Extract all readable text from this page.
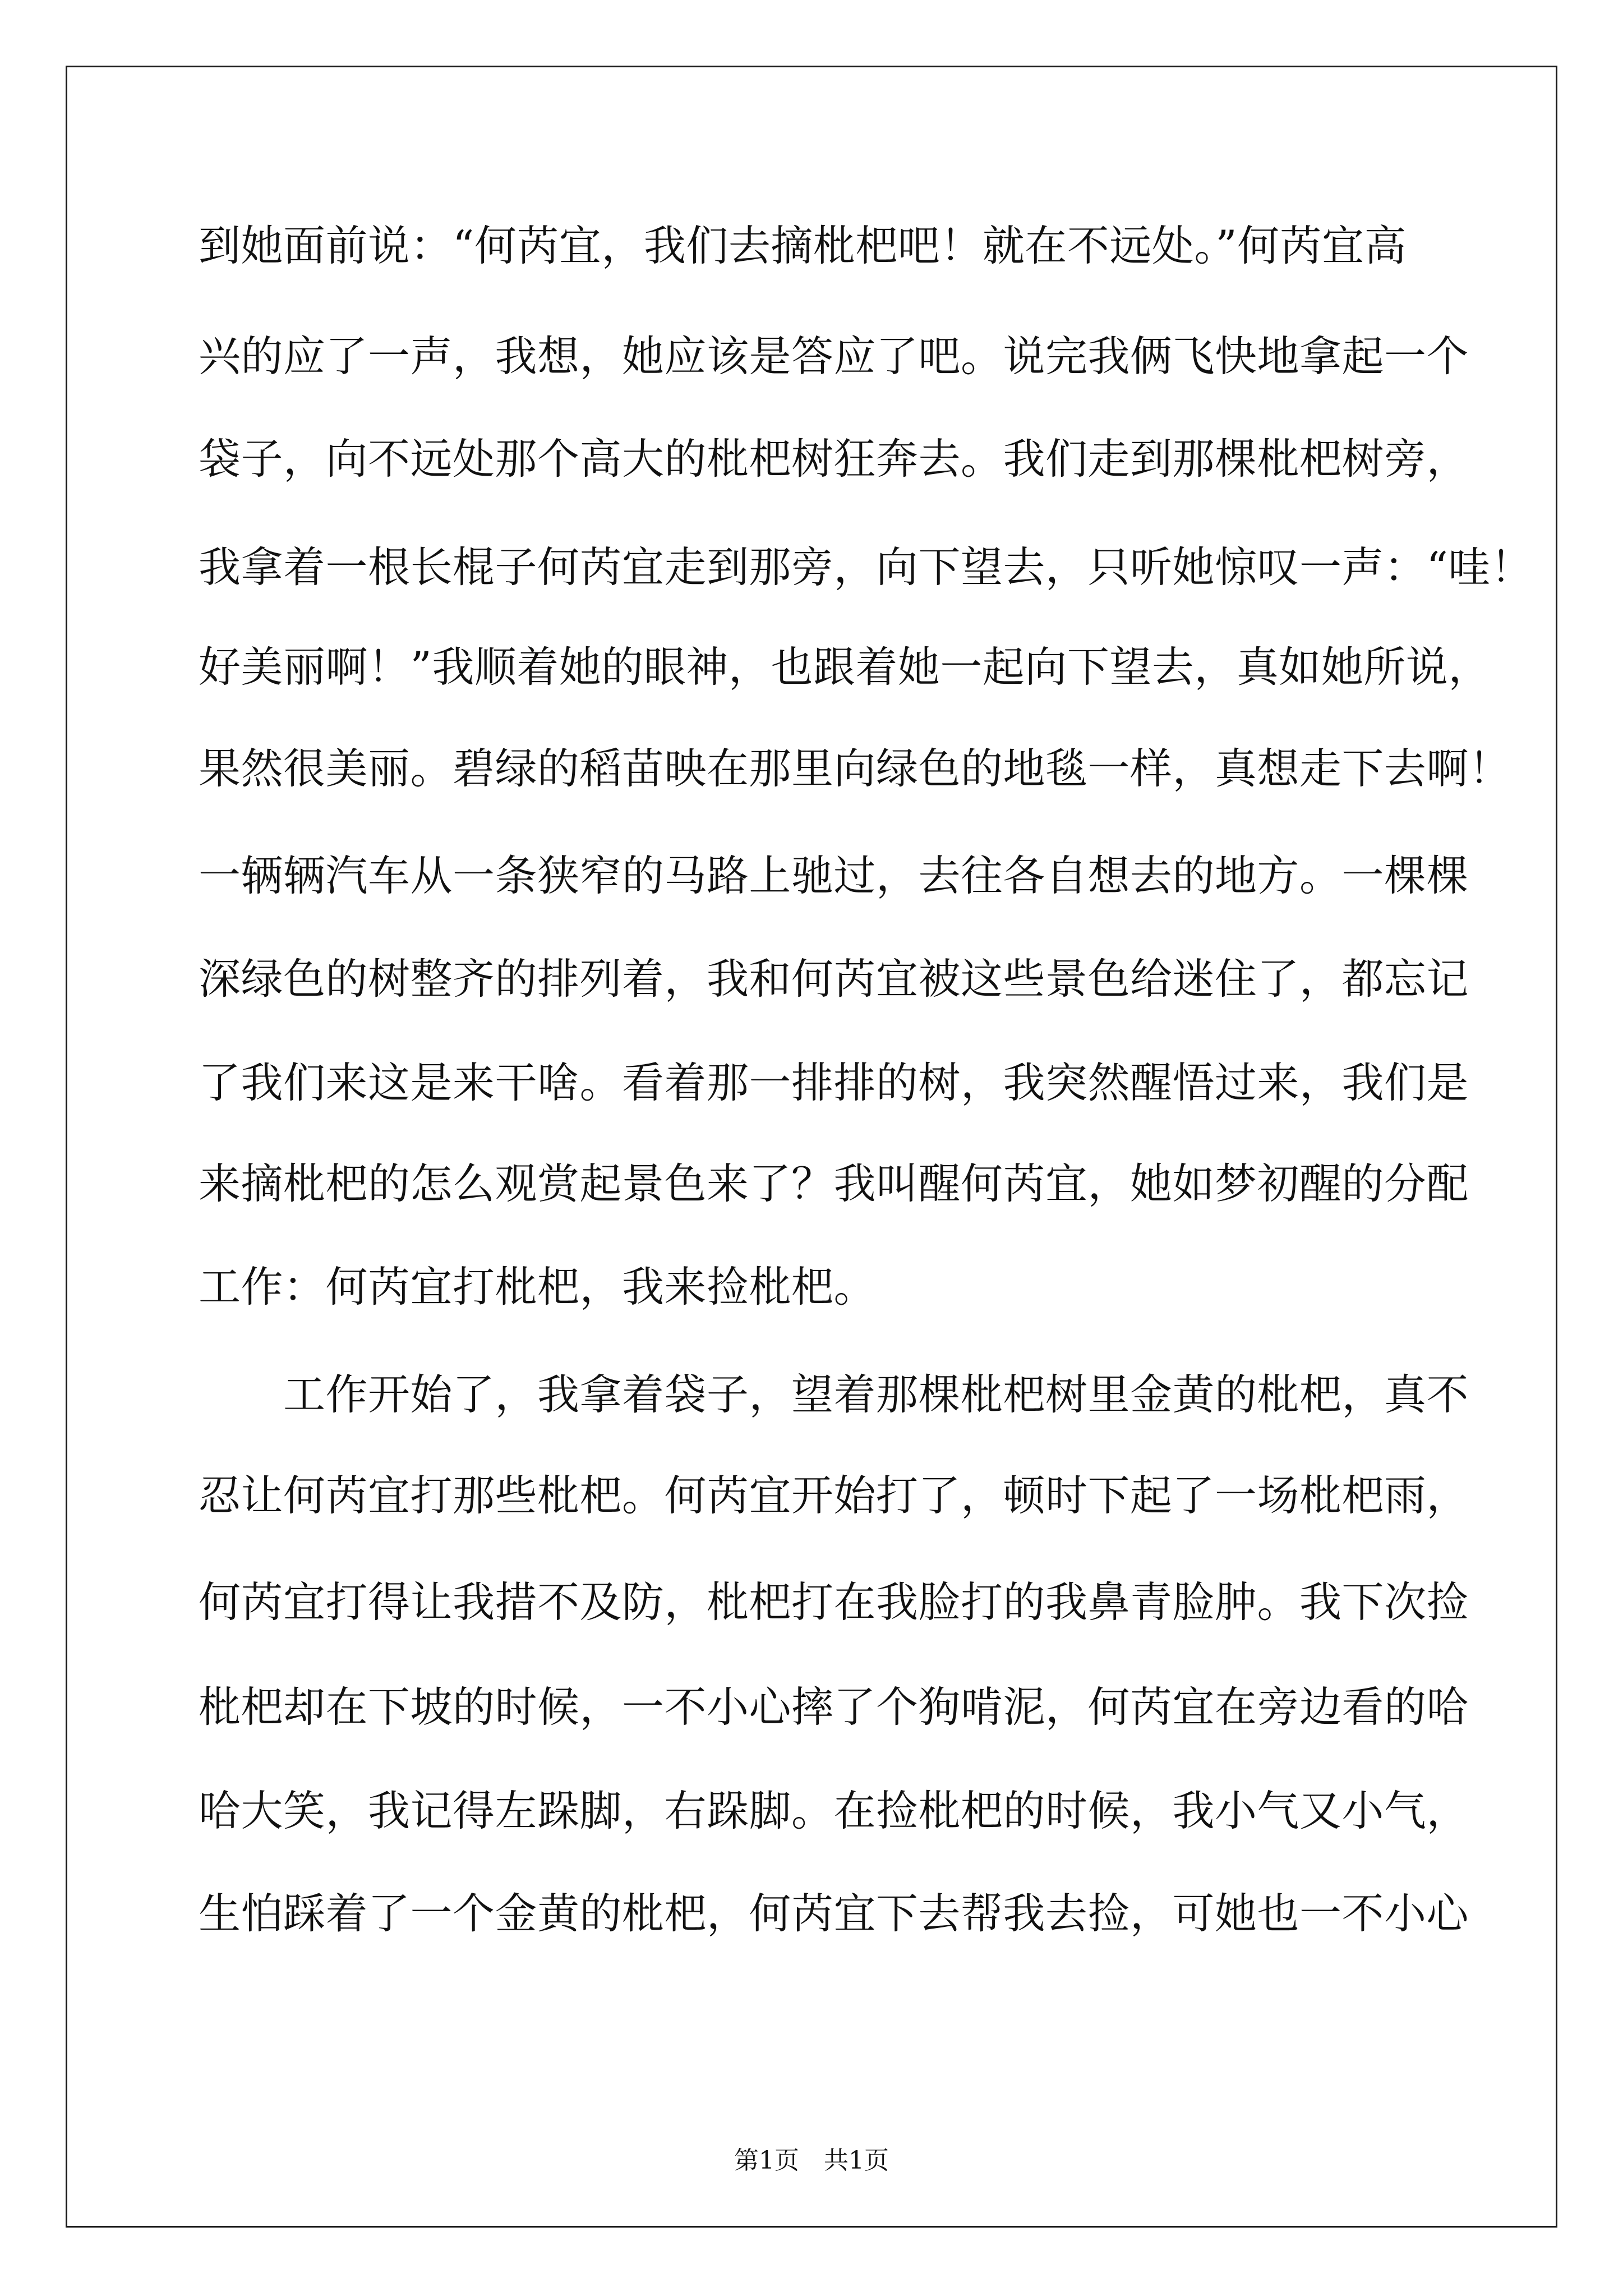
到她面前说：“何芮宜，我们去摘枇杷吧！就在不远处。”何芮宜高
兴的应了一声，我想，她应该是答应了吧。说完我俩飞快地拿起一个
袋子，向不远处那个高大的枇杷树狂奔去。我们走到那棵枇杷树旁，
我拿着一根长棍子何芮宜走到那旁，向下望去，只听她惊叹一声：“哇！
好美丽啊！”我顺着她的眼神，也跟着她一起向下望去，真如她所说，
果然很美丽。碧绿的稻苗映在那里向绿色的地毯一样，真想走下去啊！
一辆辆汽车从一条狭窄的马路上驰过，去往各自想去的地方。一棵棵
深绿色的树整齐的排列着，我和何芮宜被这些景色给迷住了，都忘记
了我们来这是来干啥。看着那一排排的树，我突然醒悟过来，我们是
来摘枇杷的怎么观赏起景色来了？我叫醒何芮宜，她如梦初醒的分配
工作：何芮宜打枇杷，我来捡枇杷。
　　工作开始了，我拿着袋子，望着那棵枇杷树里金黄的枇杷，真不
忍让何芮宜打那些枇杷。何芮宜开始打了，顿时下起了一场枇杷雨，
何芮宜打得让我措不及防，枇杷打在我脸打的我鼻青脸肿。我下次捡
枇杷却在下坡的时候，一不小心摔了个狗啃泥，何芮宜在旁边看的哈
哈大笑，我记得左跺脚，右跺脚。在捡枇杷的时候，我小气又小气，
生怕踩着了一个金黄的枇杷，何芮宜下去帮我去捡，可她也一不小心
第1页　共1页
